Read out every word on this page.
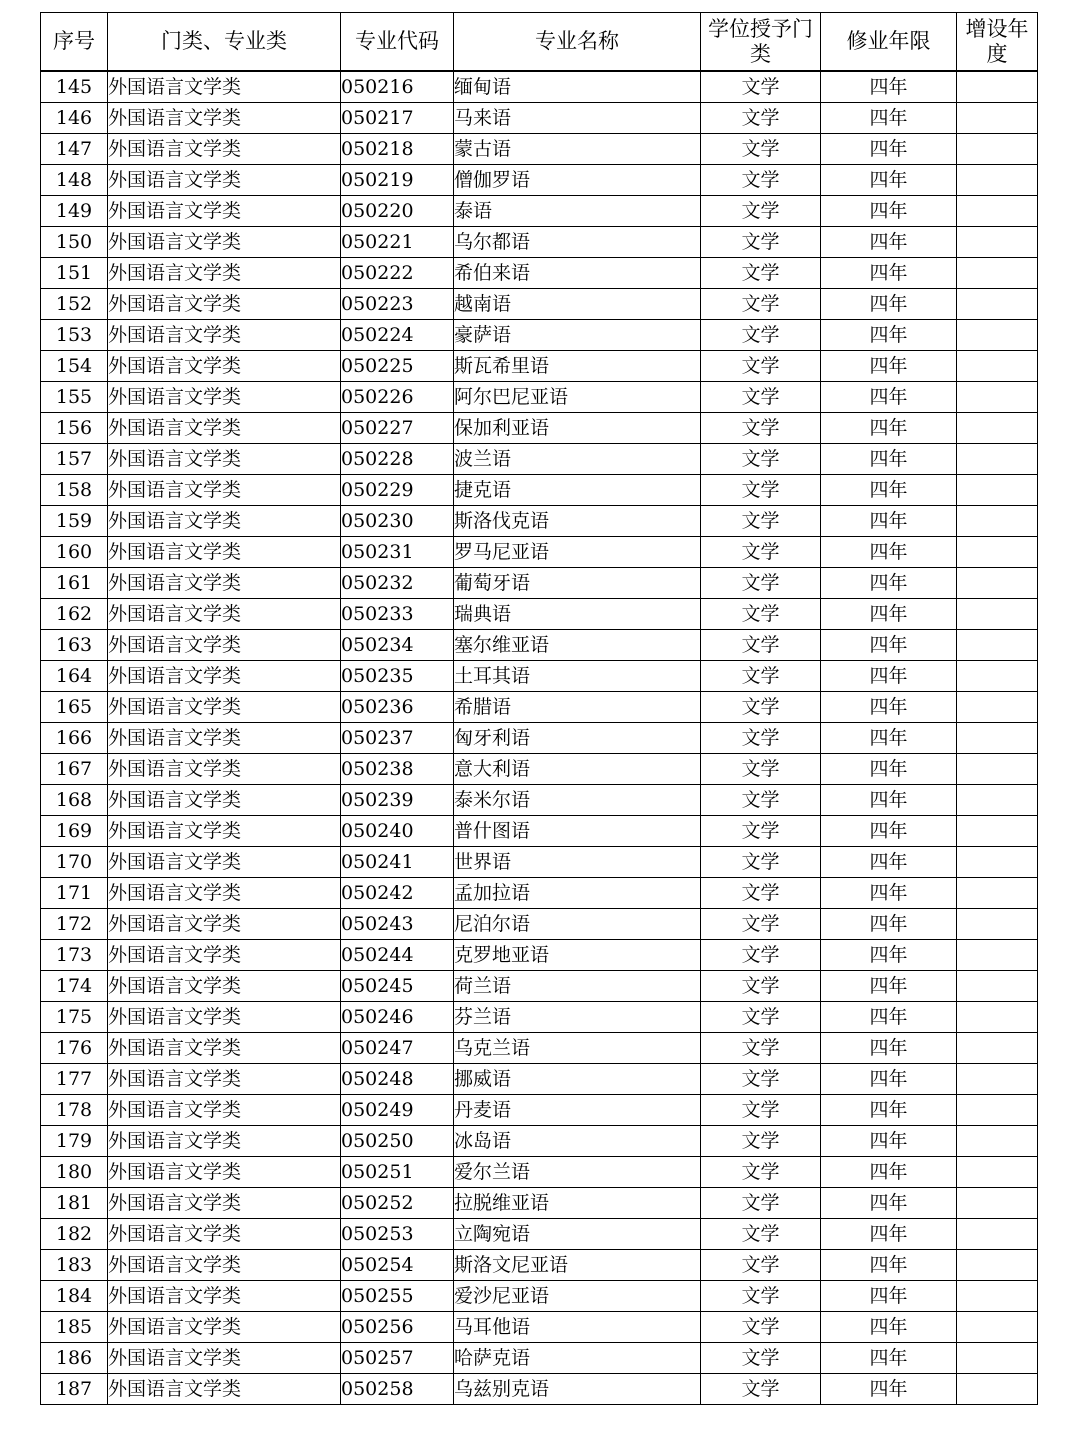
序号	门类、专业类	专业代码	专业名称	学位授予门类	修业年限	增设年度
145	外国语言文学类	050216	缅甸语	文学	四年	
146	外国语言文学类	050217	马来语	文学	四年	
147	外国语言文学类	050218	蒙古语	文学	四年	
148	外国语言文学类	050219	僧伽罗语	文学	四年	
149	外国语言文学类	050220	泰语	文学	四年	
150	外国语言文学类	050221	乌尔都语	文学	四年	
151	外国语言文学类	050222	希伯来语	文学	四年	
152	外国语言文学类	050223	越南语	文学	四年	
153	外国语言文学类	050224	豪萨语	文学	四年	
154	外国语言文学类	050225	斯瓦希里语	文学	四年	
155	外国语言文学类	050226	阿尔巴尼亚语	文学	四年	
156	外国语言文学类	050227	保加利亚语	文学	四年	
157	外国语言文学类	050228	波兰语	文学	四年	
158	外国语言文学类	050229	捷克语	文学	四年	
159	外国语言文学类	050230	斯洛伐克语	文学	四年	
160	外国语言文学类	050231	罗马尼亚语	文学	四年	
161	外国语言文学类	050232	葡萄牙语	文学	四年	
162	外国语言文学类	050233	瑞典语	文学	四年	
163	外国语言文学类	050234	塞尔维亚语	文学	四年	
164	外国语言文学类	050235	土耳其语	文学	四年	
165	外国语言文学类	050236	希腊语	文学	四年	
166	外国语言文学类	050237	匈牙利语	文学	四年	
167	外国语言文学类	050238	意大利语	文学	四年	
168	外国语言文学类	050239	泰米尔语	文学	四年	
169	外国语言文学类	050240	普什图语	文学	四年	
170	外国语言文学类	050241	世界语	文学	四年	
171	外国语言文学类	050242	孟加拉语	文学	四年	
172	外国语言文学类	050243	尼泊尔语	文学	四年	
173	外国语言文学类	050244	克罗地亚语	文学	四年	
174	外国语言文学类	050245	荷兰语	文学	四年	
175	外国语言文学类	050246	芬兰语	文学	四年	
176	外国语言文学类	050247	乌克兰语	文学	四年	
177	外国语言文学类	050248	挪威语	文学	四年	
178	外国语言文学类	050249	丹麦语	文学	四年	
179	外国语言文学类	050250	冰岛语	文学	四年	
180	外国语言文学类	050251	爱尔兰语	文学	四年	
181	外国语言文学类	050252	拉脱维亚语	文学	四年	
182	外国语言文学类	050253	立陶宛语	文学	四年	
183	外国语言文学类	050254	斯洛文尼亚语	文学	四年	
184	外国语言文学类	050255	爱沙尼亚语	文学	四年	
185	外国语言文学类	050256	马耳他语	文学	四年	
186	外国语言文学类	050257	哈萨克语	文学	四年	
187	外国语言文学类	050258	乌兹别克语	文学	四年	
